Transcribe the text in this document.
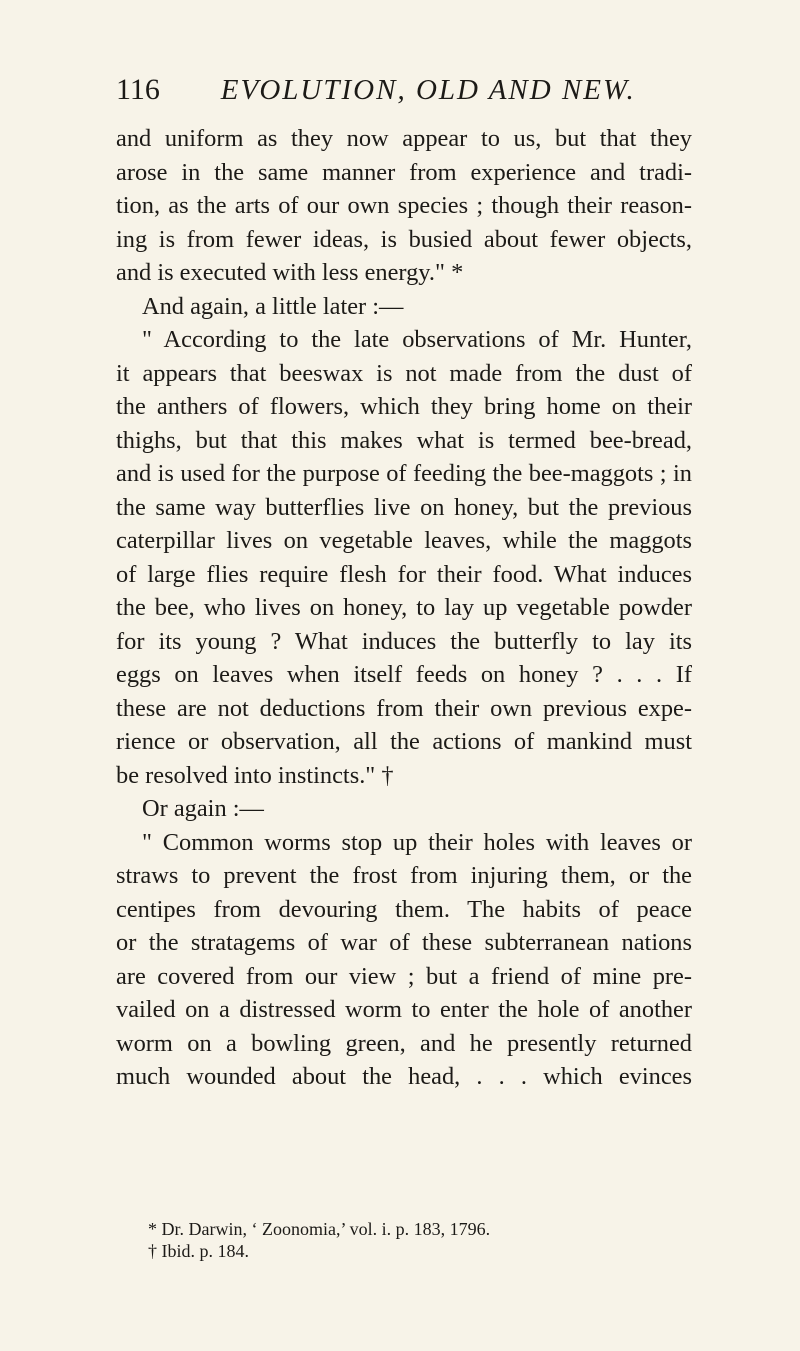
116 EVOLUTION, OLD AND NEW.
and uniform as they now appear to us, but that they
arose in the same manner from experience and tradi-
tion, as the arts of our own species ; though their reason-
ing is from fewer ideas, is busied about fewer objects,
and is executed with less energy." *
And again, a little later :—
" According to the late observations of Mr. Hunter,
it appears that beeswax is not made from the dust of
the anthers of flowers, which they bring home on their
thighs, but that this makes what is termed bee-bread,
and is used for the purpose of feeding the bee-maggots ; in
the same way butterflies live on honey, but the previous
caterpillar lives on vegetable leaves, while the maggots
of large flies require flesh for their food. What induces
the bee, who lives on honey, to lay up vegetable powder
for its young ? What induces the butterfly to lay its
eggs on leaves when itself feeds on honey ? . . . If
these are not deductions from their own previous expe-
rience or observation, all the actions of mankind must
be resolved into instincts." †
Or again :—
" Common worms stop up their holes with leaves or
straws to prevent the frost from injuring them, or the
centipes from devouring them. The habits of peace
or the stratagems of war of these subterranean nations
are covered from our view ; but a friend of mine pre-
vailed on a distressed worm to enter the hole of another
worm on a bowling green, and he presently returned
much wounded about the head, . . . which evinces
* Dr. Darwin, ‘ Zoonomia,’ vol. i. p. 183, 1796.
† Ibid. p. 184.
